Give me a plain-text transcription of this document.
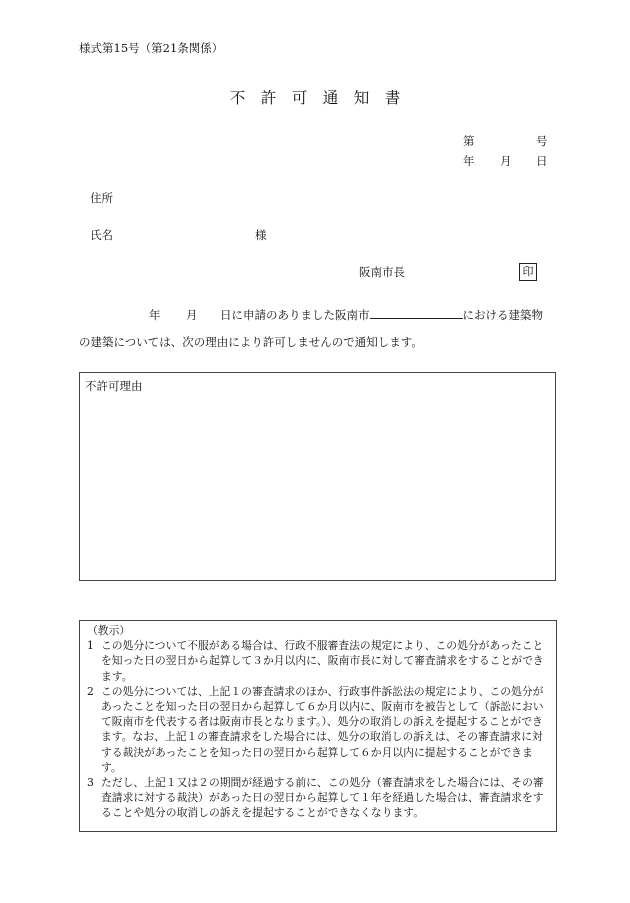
様式第15号（第21条関係）
不　許　可　通　知　書
第	号
年 月 日
住所
氏名	様
阪南市長	印
年 月 日に申請のありました阪南市	における建築物
の建築については、次の理由により許可しませんので通知します。
不許可理由
（教示）
1 この処分について不服がある場合は、行政不服審査法の規定により、この処分があったことを知った日の翌日から起算して３か月以内に、阪南市長に対して審査請求をすることができます。
2 この処分については、上記１の審査請求のほか、行政事件訴訟法の規定により、この処分があったことを知った日の翌日から起算して６か月以内に、阪南市を被告として（訴訟において阪南市を代表する者は阪南市長となります。）、処分の取消しの訴えを提起することができます。なお、上記１の審査請求をした場合には、処分の取消しの訴えは、その審査請求に対する裁決があったことを知った日の翌日から起算して６か月以内に提起することができます。
3 ただし、上記１又は２の期間が経過する前に、この処分（審査請求をした場合には、その審査請求に対する裁決）があった日の翌日から起算して１年を経過した場合は、審査請求をすることや処分の取消しの訴えを提起することができなくなります。
